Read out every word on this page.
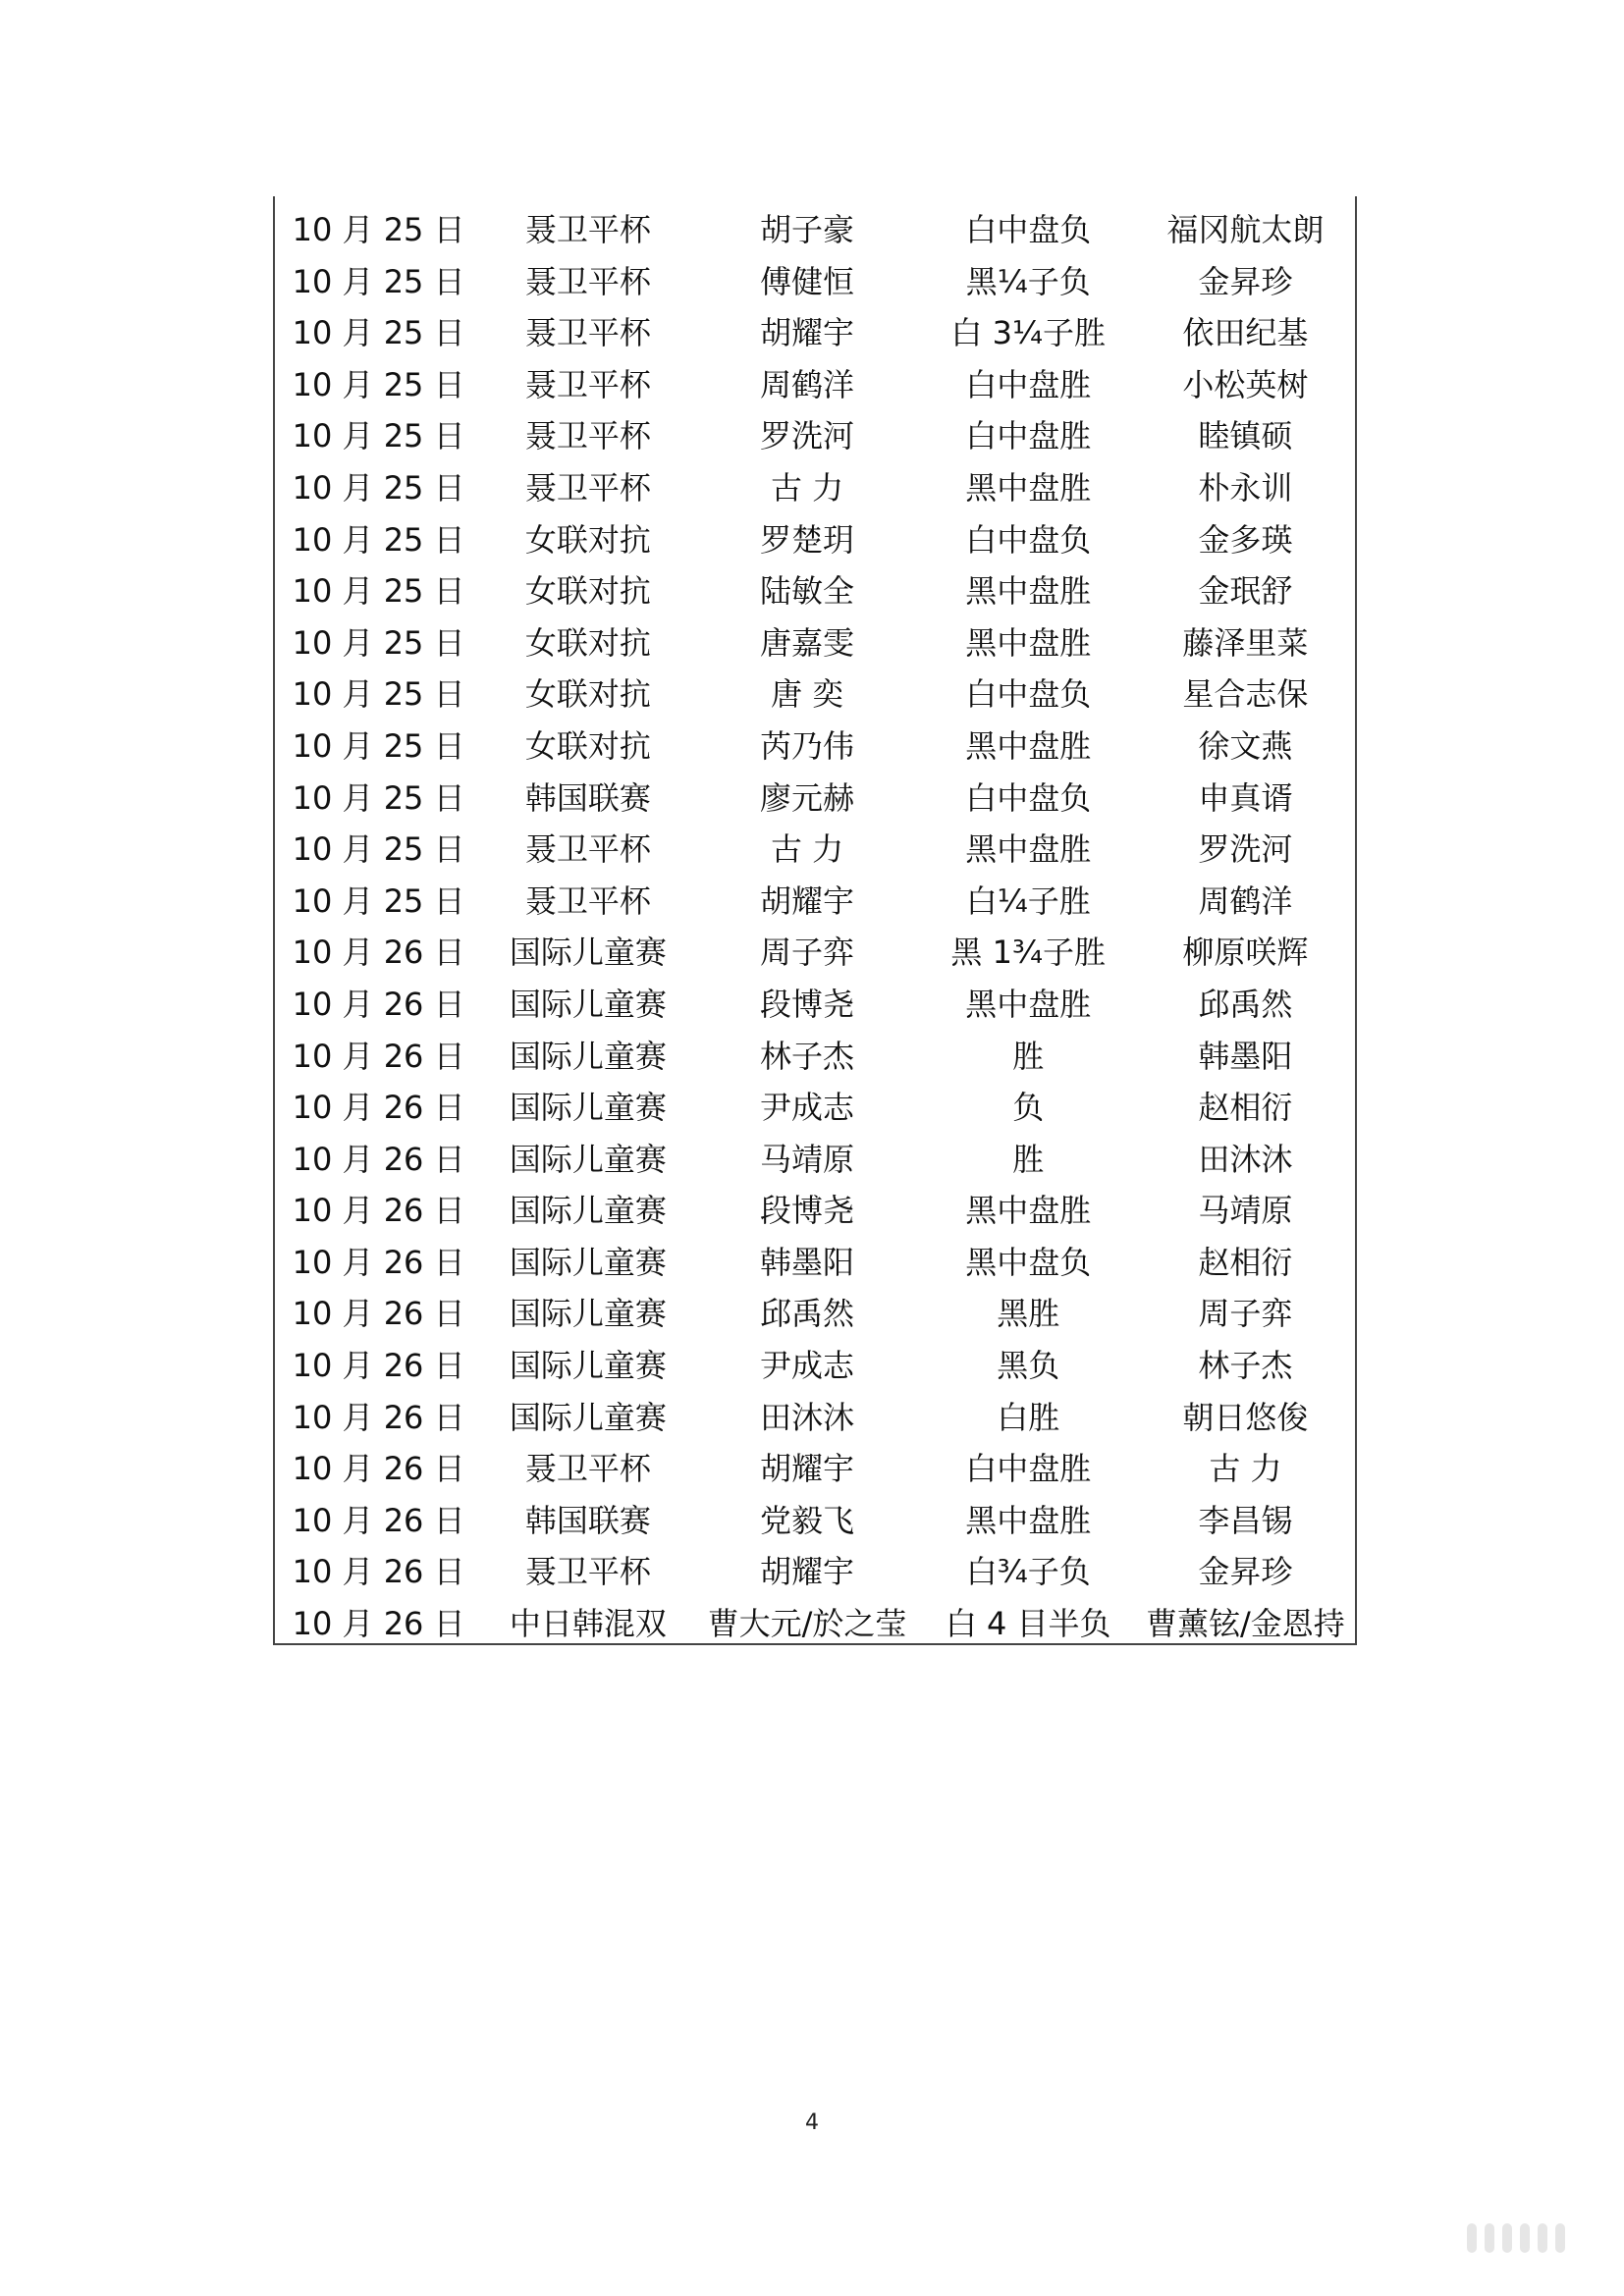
10 月 25 日	聂卫平杯	胡子豪	白中盘负	福冈航太朗
10 月 25 日	聂卫平杯	傅健恒	黑¼子负	金昇珍
10 月 25 日	聂卫平杯	胡耀宇	白 3¼子胜	依田纪基
10 月 25 日	聂卫平杯	周鹤洋	白中盘胜	小松英树
10 月 25 日	聂卫平杯	罗洗河	白中盘胜	睦镇硕
10 月 25 日	聂卫平杯	古 力	黑中盘胜	朴永训
10 月 25 日	女联对抗	罗楚玥	白中盘负	金多瑛
10 月 25 日	女联对抗	陆敏全	黑中盘胜	金珉舒
10 月 25 日	女联对抗	唐嘉雯	黑中盘胜	藤泽里菜
10 月 25 日	女联对抗	唐 奕	白中盘负	星合志保
10 月 25 日	女联对抗	芮乃伟	黑中盘胜	徐文燕
10 月 25 日	韩国联赛	廖元赫	白中盘负	申真谞
10 月 25 日	聂卫平杯	古 力	黑中盘胜	罗洗河
10 月 25 日	聂卫平杯	胡耀宇	白¼子胜	周鹤洋
10 月 26 日	国际儿童赛	周子弈	黑 1¾子胜	柳原咲辉
10 月 26 日	国际儿童赛	段博尧	黑中盘胜	邱禹然
10 月 26 日	国际儿童赛	林子杰	胜	韩墨阳
10 月 26 日	国际儿童赛	尹成志	负	赵相衍
10 月 26 日	国际儿童赛	马靖原	胜	田沐沐
10 月 26 日	国际儿童赛	段博尧	黑中盘胜	马靖原
10 月 26 日	国际儿童赛	韩墨阳	黑中盘负	赵相衍
10 月 26 日	国际儿童赛	邱禹然	黑胜	周子弈
10 月 26 日	国际儿童赛	尹成志	黑负	林子杰
10 月 26 日	国际儿童赛	田沐沐	白胜	朝日悠俊
10 月 26 日	聂卫平杯	胡耀宇	白中盘胜	古 力
10 月 26 日	韩国联赛	党毅飞	黑中盘胜	李昌锡
10 月 26 日	聂卫平杯	胡耀宇	白¾子负	金昇珍
10 月 26 日	中日韩混双	曹大元/於之莹	白 4 目半负	曹薰铉/金恩持
4
